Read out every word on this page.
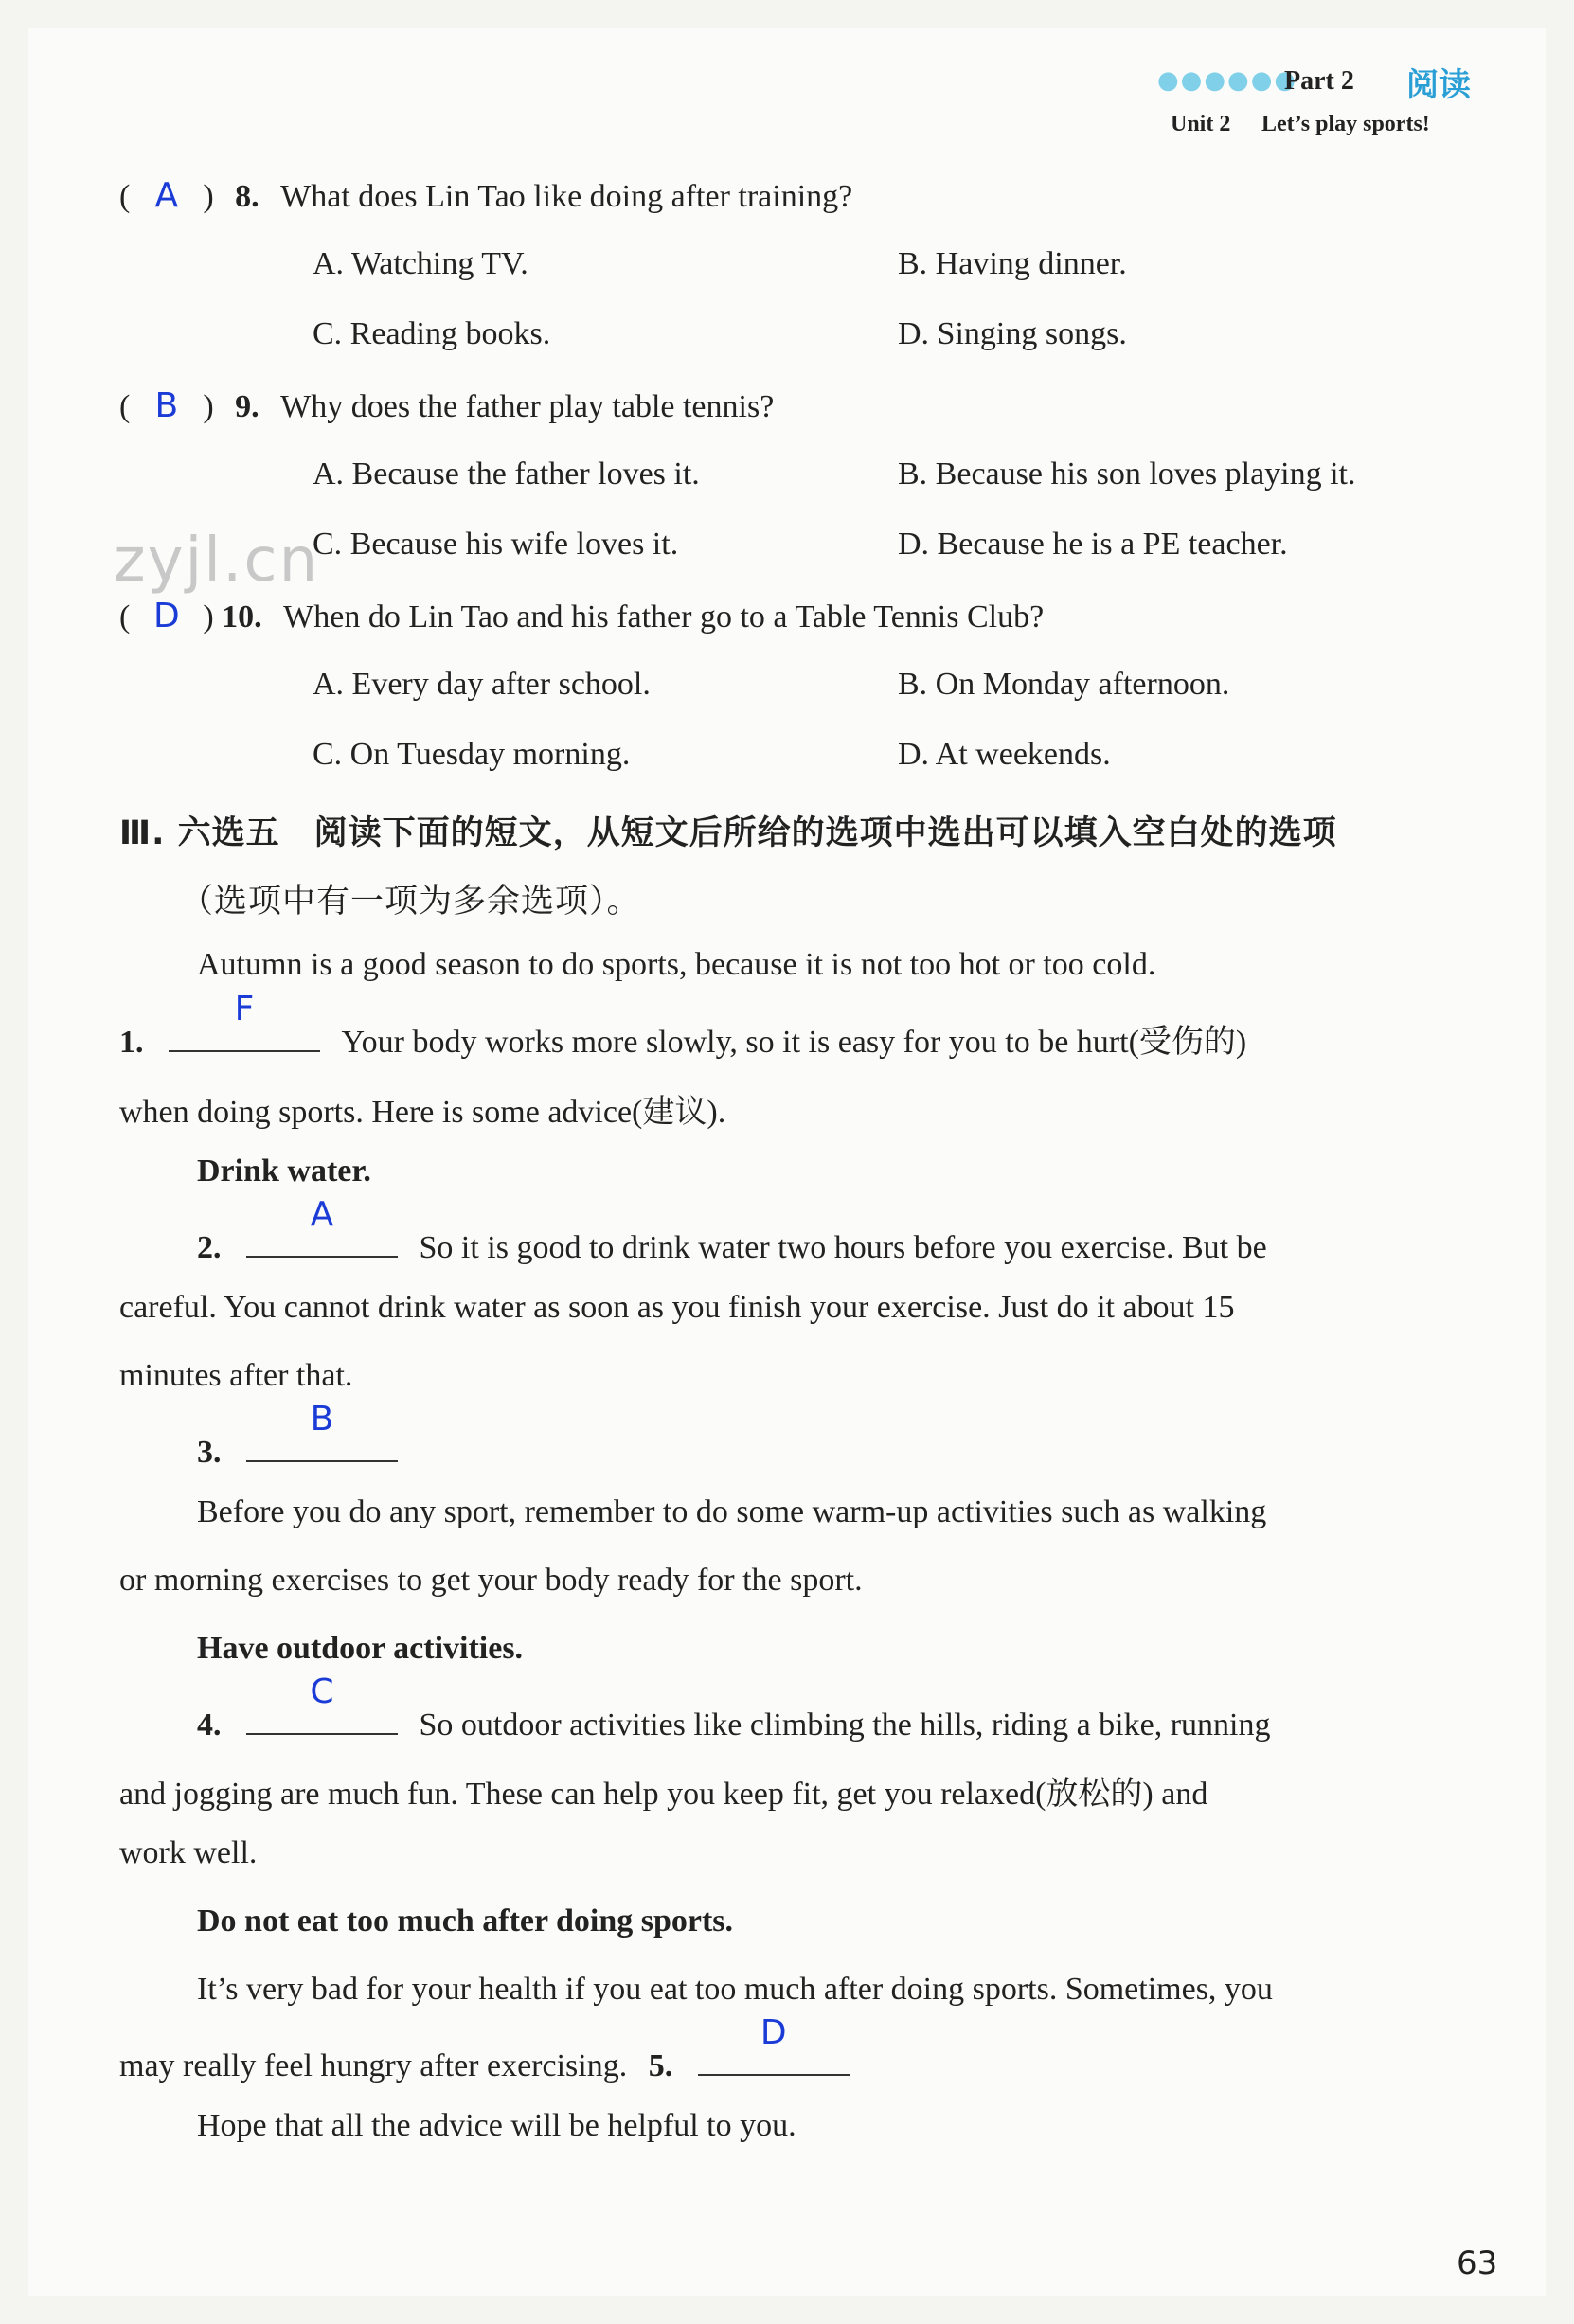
●●●●●●
Part 2 阅读
Unit 2 Let’s play sports!
zyjl.cn
( A ) 8. What does Lin Tao like doing after training?
A. Watching TV.	B. Having dinner.
C. Reading books.	D. Singing songs.
( B ) 9. Why does the father play table tennis?
A. Because the father loves it.	B. Because his son loves playing it.
C. Because his wife loves it.	D. Because he is a PE teacher.
( D ) 10. When do Lin Tao and his father go to a Table Tennis Club?
A. Every day after school.	B. On Monday afternoon.
C. On Tuesday morning.	D. At weekends.
Ⅲ. 六选五　阅读下面的短文，从短文后所给的选项中选出可以填入空白处的选项
（选项中有一项为多余选项）。
Autumn is a good season to do sports, because it is not too hot or too cold.
1.
F
Your body works more slowly, so it is easy for you to be hurt(受伤的)
when doing sports. Here is some advice(建议).
Drink water.
2.
A
So it is good to drink water two hours before you exercise. But be
careful. You cannot drink water as soon as you finish your exercise. Just do it about 15
minutes after that.
3.
B
Before you do any sport, remember to do some warm-up activities such as walking
or morning exercises to get your body ready for the sport.
Have outdoor activities.
4.
C
So outdoor activities like climbing the hills, riding a bike, running
and jogging are much fun. These can help you keep fit, get you relaxed(放松的) and
work well.
Do not eat too much after doing sports.
It’s very bad for your health if you eat too much after doing sports. Sometimes, you
may really feel hungry after exercising. 5.
D
Hope that all the advice will be helpful to you.
63
